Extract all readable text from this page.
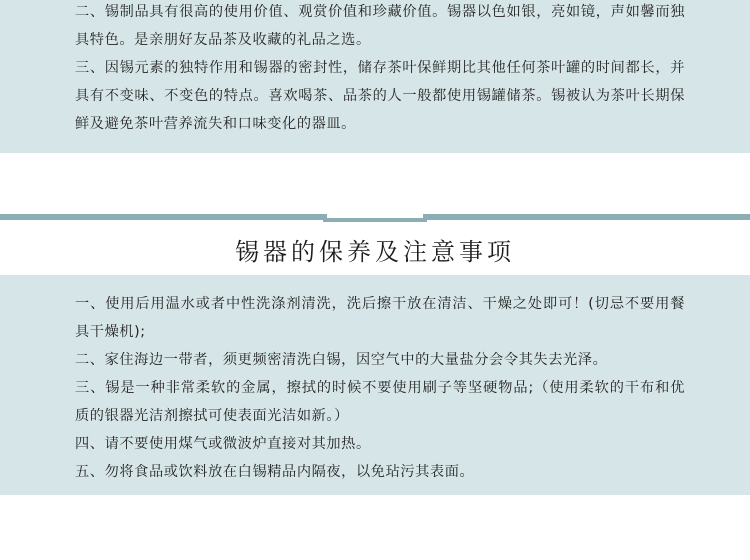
二、锡制品具有很高的使用价值、观赏价值和珍藏价值。锡器以色如银，亮如镜，声如馨而独具特色。是亲朋好友品茶及收藏的礼品之选。

三、因锡元素的独特作用和锡器的密封性，储存茶叶保鲜期比其他任何茶叶罐的时间都长，并具有不变味、不变色的特点。喜欢喝茶、品茶的人一般都使用锡罐储茶。锡被认为茶叶长期保鲜及避免茶叶营养流失和口味变化的器皿。

锡器的保养及注意事项

一、使用后用温水或者中性洗涤剂清洗，洗后擦干放在清洁、干燥之处即可！(切忌不要用餐具干燥机);

二、家住海边一带者，须更频密清洗白锡，因空气中的大量盐分会令其失去光泽。

三、锡是一种非常柔软的金属，擦拭的时候不要使用刷子等坚硬物品;（使用柔软的干布和优质的银器光洁剂擦拭可使表面光洁如新。）

四、请不要使用煤气或微波炉直接对其加热。

五、勿将食品或饮料放在白锡精品内隔夜，以免玷污其表面。
